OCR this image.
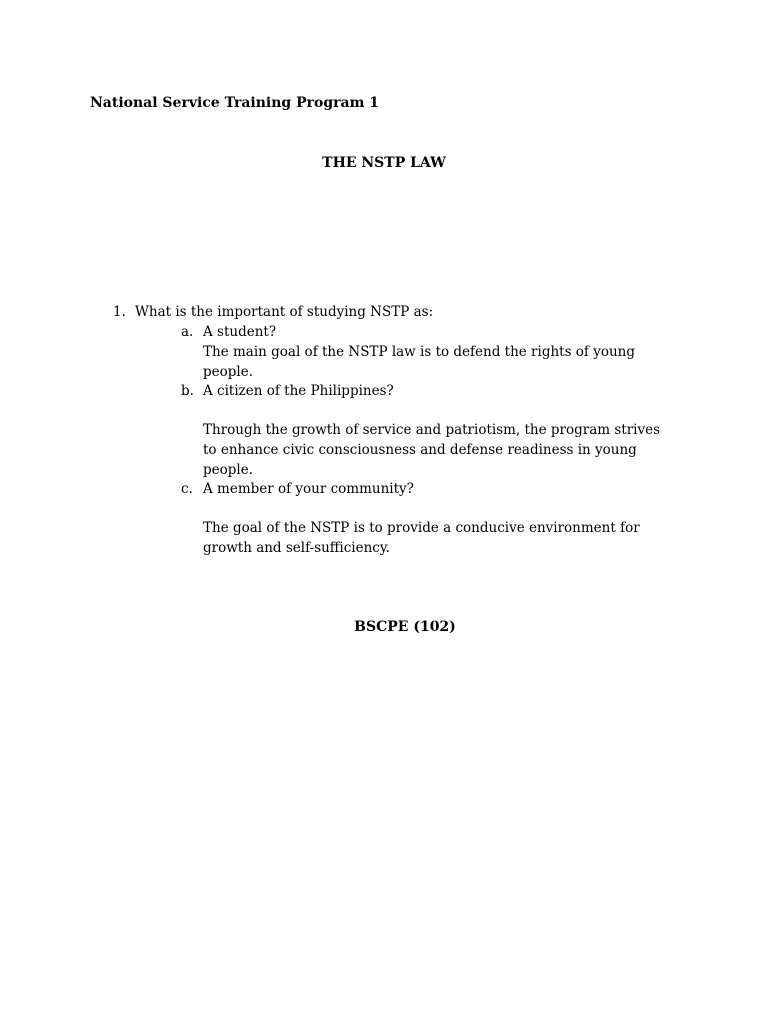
National Service Training Program 1

THE NSTP LAW

1. What is the important of studying NSTP as:
a. A student?
The main goal of the NSTP law is to defend the rights of young people.
b. A citizen of the Philippines?
Through the growth of service and patriotism, the program strives to enhance civic consciousness and defense readiness in young people.
c. A member of your community?
The goal of the NSTP is to provide a conducive environment for growth and self-sufficiency.

BSCPE (102)
